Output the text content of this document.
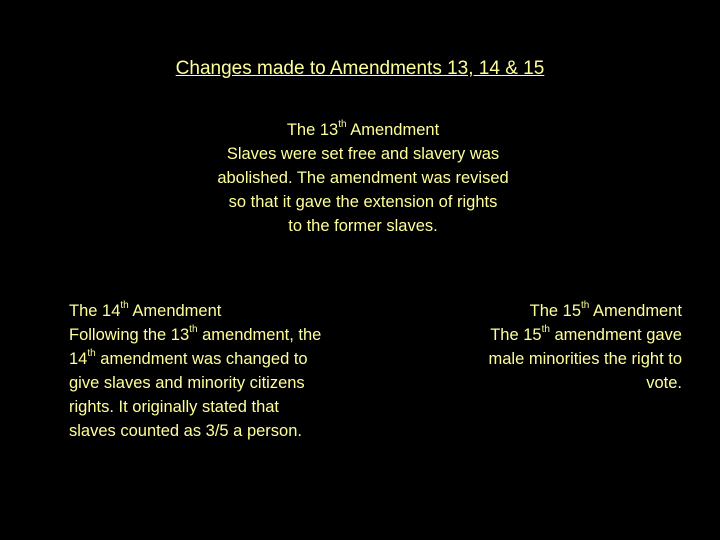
Changes made to Amendments 13, 14 & 15
The 13th Amendment
Slaves were set free and slavery was
abolished. The amendment was revised
so that it gave the extension of rights
to the former slaves.
The 14th Amendment
Following the 13th amendment, the
14th amendment was changed to
give slaves and minority citizens
rights. It originally stated that
slaves counted as 3/5 a person.
The 15th Amendment
The 15th amendment gave
male minorities the right to
vote.
